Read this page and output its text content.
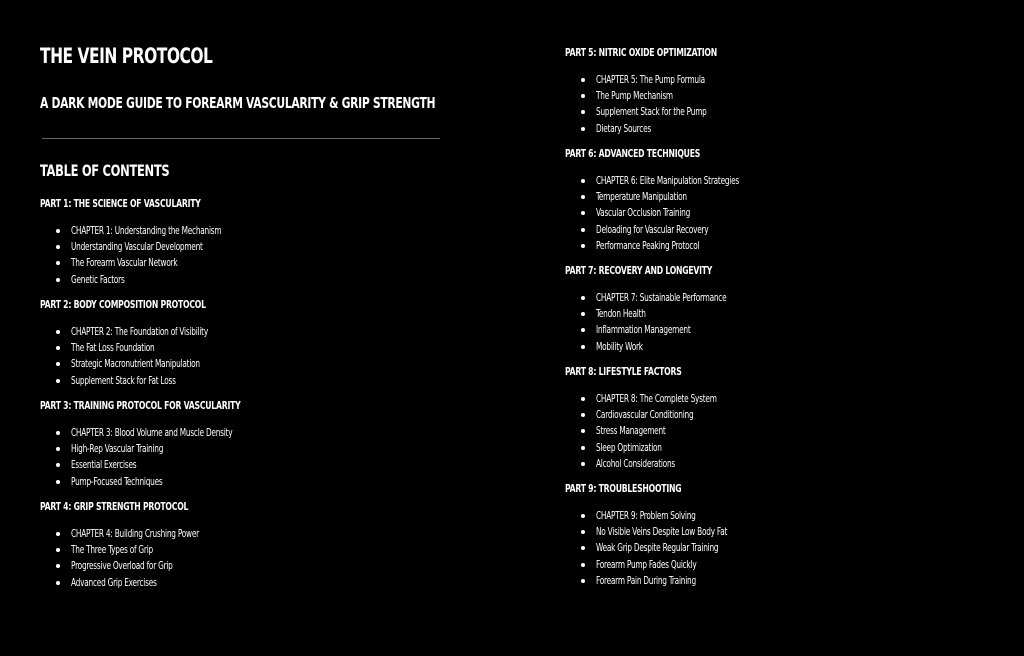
THE VEIN PROTOCOL
A DARK MODE GUIDE TO FOREARM VASCULARITY & GRIP STRENGTH
TABLE OF CONTENTS
PART 1: THE SCIENCE OF VASCULARITY
CHAPTER 1: Understanding the Mechanism
Understanding Vascular Development
The Forearm Vascular Network
Genetic Factors
PART 2: BODY COMPOSITION PROTOCOL
CHAPTER 2: The Foundation of Visibility
The Fat Loss Foundation
Strategic Macronutrient Manipulation
Supplement Stack for Fat Loss
PART 3: TRAINING PROTOCOL FOR VASCULARITY
CHAPTER 3: Blood Volume and Muscle Density
High-Rep Vascular Training
Essential Exercises
Pump-Focused Techniques
PART 4: GRIP STRENGTH PROTOCOL
CHAPTER 4: Building Crushing Power
The Three Types of Grip
Progressive Overload for Grip
Advanced Grip Exercises
PART 5: NITRIC OXIDE OPTIMIZATION
CHAPTER 5: The Pump Formula
The Pump Mechanism
Supplement Stack for the Pump
Dietary Sources
PART 6: ADVANCED TECHNIQUES
CHAPTER 6: Elite Manipulation Strategies
Temperature Manipulation
Vascular Occlusion Training
Deloading for Vascular Recovery
Performance Peaking Protocol
PART 7: RECOVERY AND LONGEVITY
CHAPTER 7: Sustainable Performance
Tendon Health
Inflammation Management
Mobility Work
PART 8: LIFESTYLE FACTORS
CHAPTER 8: The Complete System
Cardiovascular Conditioning
Stress Management
Sleep Optimization
Alcohol Considerations
PART 9: TROUBLESHOOTING
CHAPTER 9: Problem Solving
No Visible Veins Despite Low Body Fat
Weak Grip Despite Regular Training
Forearm Pump Fades Quickly
Forearm Pain During Training
